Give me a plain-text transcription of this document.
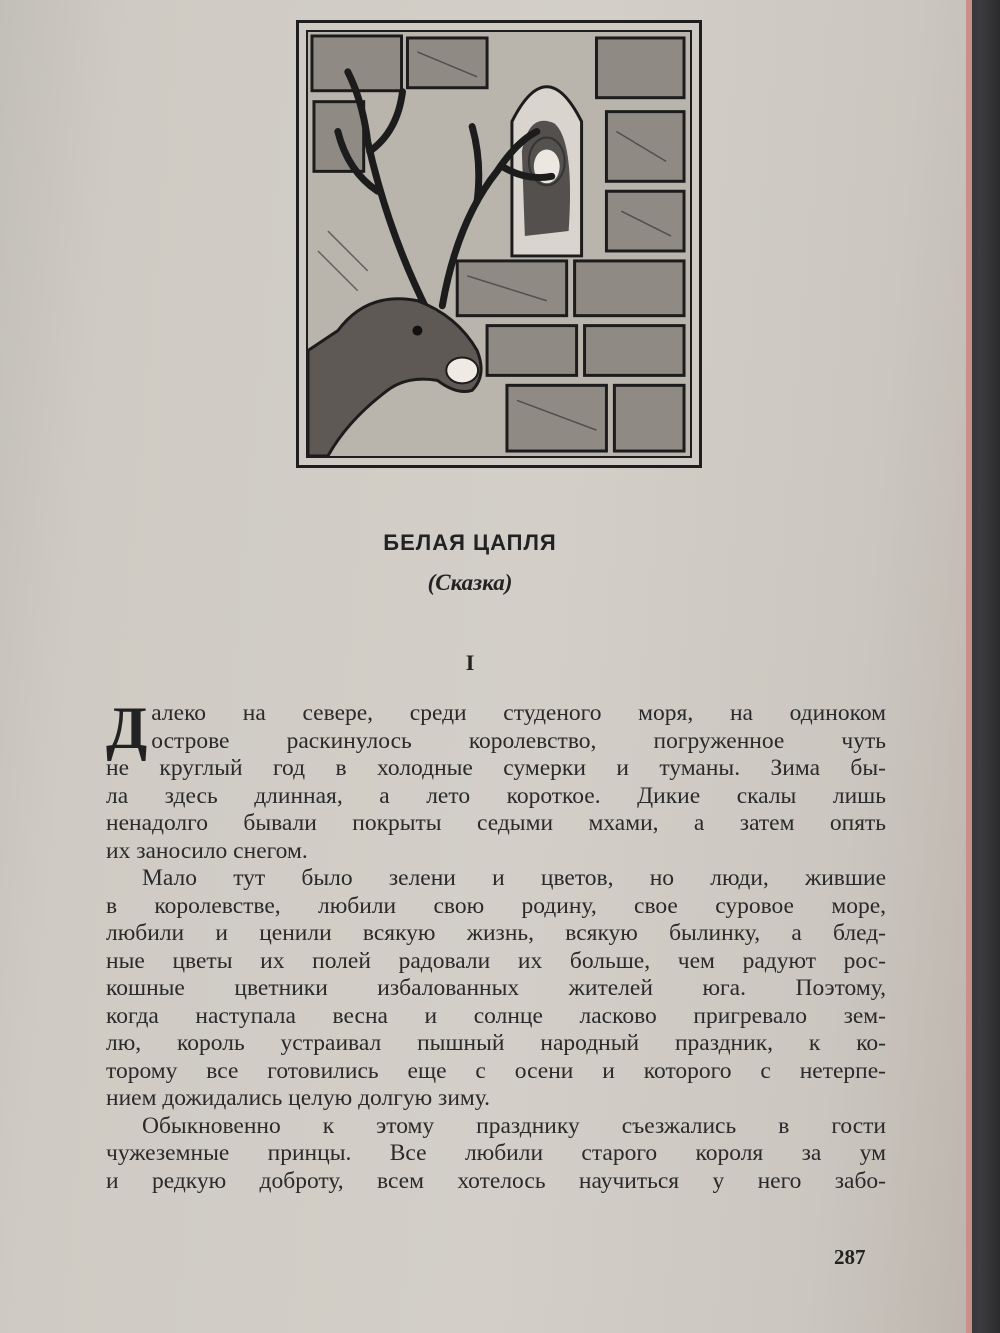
БЕЛАЯ ЦАПЛЯ
(Сказка)
I
Д алеко на севере, среди студеного моря, на одиноком
острове раскинулось королевство, погруженное чуть
не круглый год в холодные сумерки и туманы. Зима бы-
ла здесь длинная, а лето короткое. Дикие скалы лишь
ненадолго бывали покрыты седыми мхами, а затем опять
их заносило снегом.
Мало тут было зелени и цветов, но люди, жившие
в королевстве, любили свою родину, свое суровое море,
любили и ценили всякую жизнь, всякую былинку, а блед-
ные цветы их полей радовали их больше, чем радуют рос-
кошные цветники избалованных жителей юга. Поэтому,
когда наступала весна и солнце ласково пригревало зем-
лю, король устраивал пышный народный праздник, к ко-
торому все готовились еще с осени и которого с нетерпе-
нием дожидались целую долгую зиму.
Обыкновенно к этому празднику съезжались в гости
чужеземные принцы. Все любили старого короля за ум
и редкую доброту, всем хотелось научиться у него забо-
287
